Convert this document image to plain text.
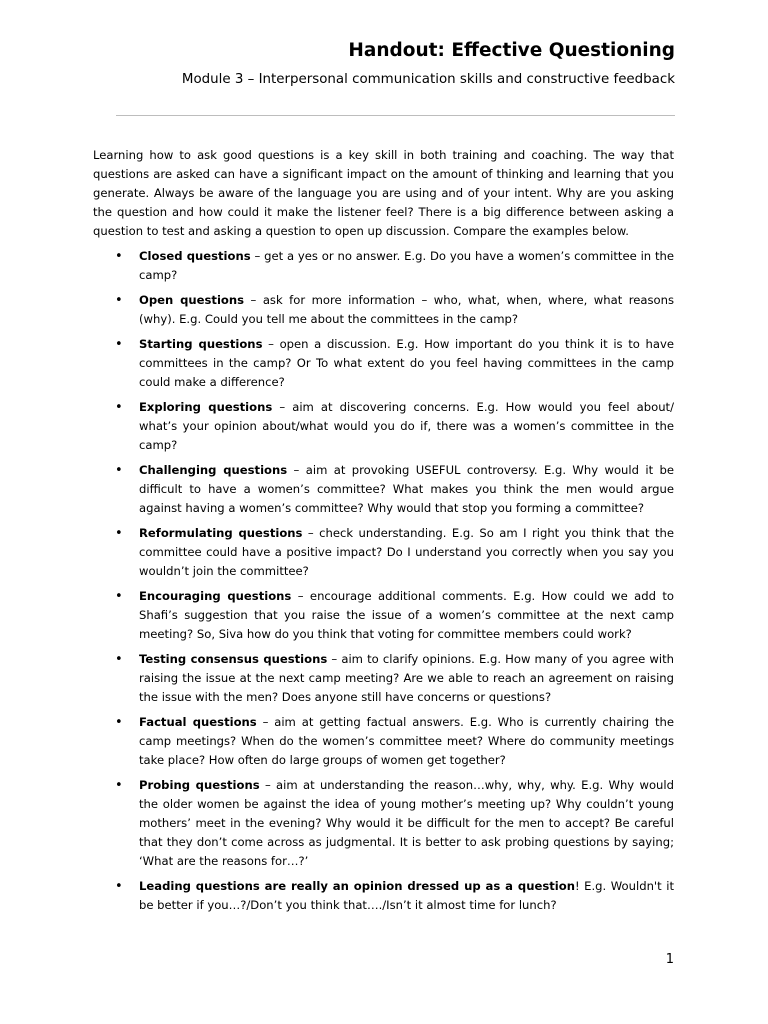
Handout: Effective Questioning
Module 3 – Interpersonal communication skills and constructive feedback

Learning how to ask good questions is a key skill in both training and coaching. The way that questions are asked can have a significant impact on the amount of thinking and learning that you generate. Always be aware of the language you are using and of your intent. Why are you asking the question and how could it make the listener feel? There is a big difference between asking a question to test and asking a question to open up discussion. Compare the examples below.

• Closed questions – get a yes or no answer. E.g. Do you have a women’s committee in the camp?
• Open questions – ask for more information – who, what, when, where, what reasons (why). E.g. Could you tell me about the committees in the camp?
• Starting questions – open a discussion. E.g. How important do you think it is to have committees in the camp? Or To what extent do you feel having committees in the camp could make a difference?
• Exploring questions – aim at discovering concerns. E.g. How would you feel about/ what’s your opinion about/what would you do if, there was a women’s committee in the camp?
• Challenging questions – aim at provoking USEFUL controversy. E.g. Why would it be difficult to have a women’s committee? What makes you think the men would argue against having a women’s committee? Why would that stop you forming a committee?
• Reformulating questions – check understanding. E.g. So am I right you think that the committee could have a positive impact? Do I understand you correctly when you say you wouldn’t join the committee?
• Encouraging questions – encourage additional comments. E.g. How could we add to Shafi’s suggestion that you raise the issue of a women’s committee at the next camp meeting? So, Siva how do you think that voting for committee members could work?
• Testing consensus questions – aim to clarify opinions. E.g. How many of you agree with raising the issue at the next camp meeting? Are we able to reach an agreement on raising the issue with the men? Does anyone still have concerns or questions?
• Factual questions – aim at getting factual answers. E.g. Who is currently chairing the camp meetings? When do the women’s committee meet? Where do community meetings take place? How often do large groups of women get together?
• Probing questions – aim at understanding the reason…why, why, why. E.g. Why would the older women be against the idea of young mother’s meeting up? Why couldn’t young mothers’ meet in the evening? Why would it be difficult for the men to accept? Be careful that they don’t come across as judgmental. It is better to ask probing questions by saying; ‘What are the reasons for…?’
• Leading questions are really an opinion dressed up as a question! E.g. Wouldn't it be better if you…?/Don’t you think that…./Isn’t it almost time for lunch?
1
